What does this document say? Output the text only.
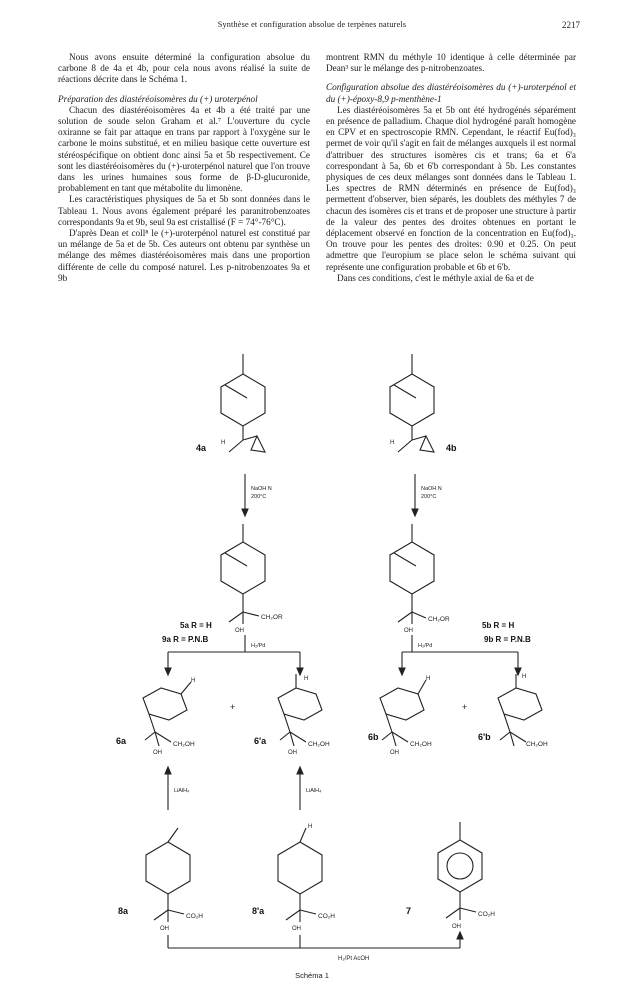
Synthèse et configuration absolue de terpènes naturels	2217

Nous avons ensuite déterminé la configuration absolue du carbone 8 de 4a et 4b, pour cela nous avons réalisé la suite de réactions décrite dans le Schéma 1.

Préparation des diastéréoisomères du (+) uroterpénol

Chacun des diastéréoisomères 4a et 4b a été traité par une solution de soude selon Graham et al.⁷ L'ouverture du cycle oxiranne se fait par attaque en trans par rapport à l'oxygène sur le carbone le moins substitué, et en milieu basique cette ouverture est stéréospécifique on obtient donc ainsi 5a et 5b respectivement. Ce sont les diastéréoisomères du (+)-uroterpénol naturel que l'on trouve dans les urines humaines sous forme de β-D-glucuronide, probablement en tant que métabolite du limonène.

Les caractéristiques physiques de 5a et 5b sont données dans le Tableau 1. Nous avons également préparé les paranitrobenzoates correspondants 9a et 9b, seul 9a est cristallisé (F = 74°-76°C).

D'après Dean et coll⁸ le (+)-uroterpénol naturel est constitué par un mélange de 5a et de 5b. Ces auteurs ont obtenu par synthèse un mélange des mêmes diastéréoisomères mais dans une proportion différente de celle du composé naturel. Les p-nitrobenzoates 9a et 9b

montrent RMN du méthyle 10 identique à celle déterminée par Dean³ sur le mélange des p-nitrobenzoates.

Configuration absolue des diastéréoisomères du (+)-uroterpénol et du (+)-époxy-8,9 p-menthène-1

Les diastéréoisomères 5a et 5b ont été hydrogénés séparément en présence de palladium. Chaque diol hydrogéné paraît homogène en CPV et en spectroscopie RMN. Cependant, le réactif Eu(fod)₃ permet de voir qu'il s'agit en fait de mélanges auxquels il est normal d'attribuer des structures isomères cis et trans; 6a et 6'a correspondant à 5a, 6b et 6'b correspondant à 5b. Les constantes physiques de ces deux mélanges sont données dans le Tableau 1. Les spectres de RMN déterminés en présence de Eu(fod)₃ permettent d'observer, bien séparés, les doublets des méthyles 7 de chacun des isomères cis et trans et de proposer une structure à partir de la valeur des pentes des droites obtenues en portant le déplacement observé en fonction de la concentration en Eu(fod)₃. On trouve pour les pentes des droites: 0.90 et 0.25. On peut admettre que l'europium se place selon le schéma suivant qui représente une configuration probable et 6b et 6'b.

Dans ces conditions, c'est le méthyle axial de 6a et de

H
4a	H	4b
NaOH N
200°C
NaOH N
200°C
CH₂OR
OH
CH₂OR
OH
5a R = H
9a R = P.N.B
5b R = H
9b R = P.N.B
H₂/Pd	H₂/Pd
H
CH₂OH
OH
6a
+
H
CH₂OH
OH
6'a
H
CH₂OH
OH
6b
+
H
CH₂OH
6'b
LiAlH₄	LiAlH₄
CO₂H
OH
8a
H
CO₂H
OH
8'a	CO₂H
OH
7
H₂/Pt AcOH
Schéma 1
